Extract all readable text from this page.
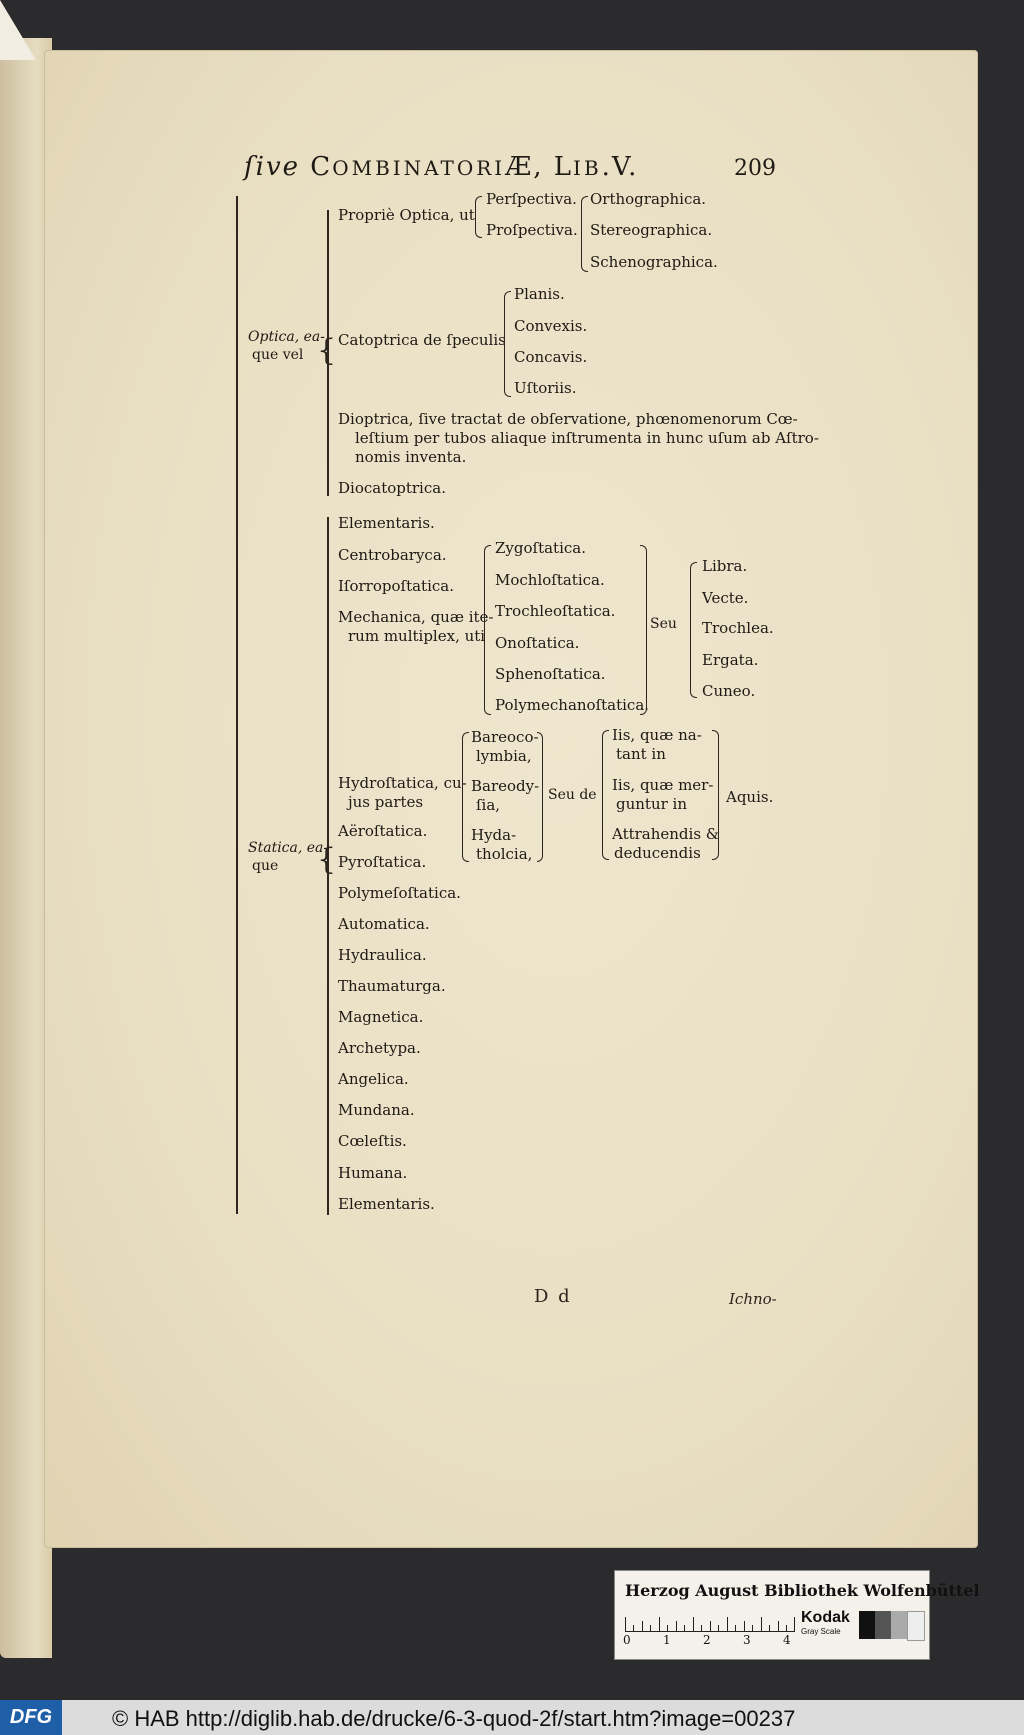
ſive COMBINATORIÆ, LIB.V.	209
Optica, ea-
que vel {
Propriè Optica, ut
Perſpectiva.
Proſpectiva.
Orthographica.
Stereographica.
Schenographica.
Catoptrica de ſpeculis
Planis.
Convexis.
Concavis.
Uſtoriis.
Dioptrica, ſive tractat de obſervatione, phœnomenorum Cœ-
leſtium per tubos aliaque inſtrumenta in hunc uſum ab Aſtro-
nomis inventa.
Diocatoptrica.
Statica, ea-
que {
Elementaris.
Centrobaryca.
Iſorropoſtatica.
Mechanica, quæ ite-
rum multiplex, uti
Zygoſtatica.
Mochloſtatica.
Trochleoſtatica.
Onoſtatica.
Sphenoſtatica.
Polymechanoſtatica.
Seu
Libra.
Vecte.
Trochlea.
Ergata.
Cuneo.
Hydroſtatica, cu-
jus partes
Bareoco-
lymbia,
Bareody-
ſia,
Hyda-
tholcia,
Seu de
Iis, quæ na-
tant in
Iis, quæ mer-
guntur in
Attrahendis &
deducendis
Aquis.
Aëroſtatica.
Pyroſtatica.
Polymeſoſtatica.
Automatica.
Hydraulica.
Thaumaturga.
Magnetica.
Archetypa.
Angelica.
Mundana.
Cœleſtis.
Humana.
Elementaris.
D d	Ichno-
Herzog August Bibliothek Wolfenbüttel
0	1	2	3	4
Kodak
Gray Scale
DFG	© HAB http://diglib.hab.de/drucke/6-3-quod-2f/start.htm?image=00237
